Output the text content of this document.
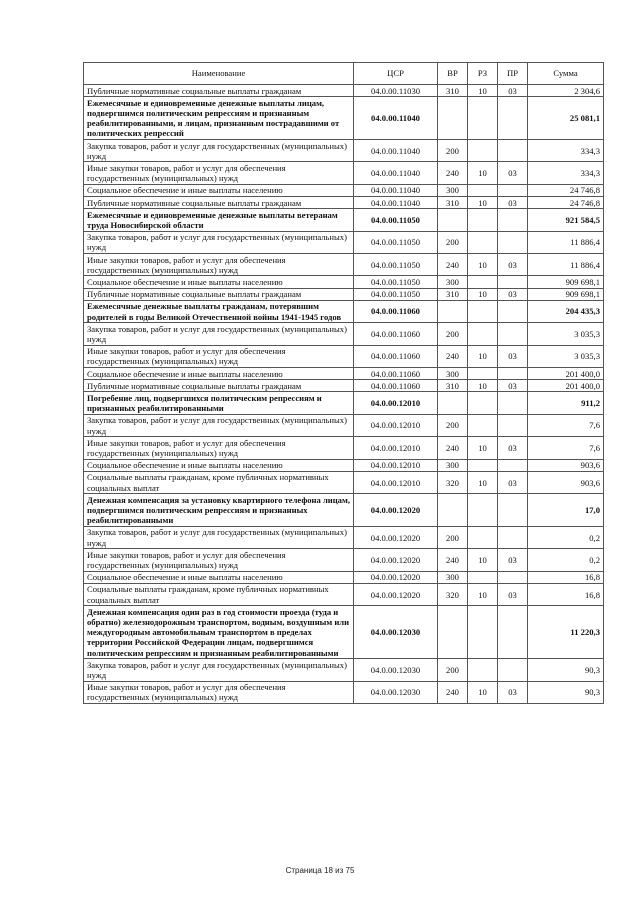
Наименование	ЦСР	ВР	РЗ	ПР	Сумма
Публичные нормативные социальные выплаты гражданам	04.0.00.11030	310	10	03	2 304,6
Ежемесячные и единовременные денежные выплаты лицам, подвергшимся политическим репрессиям и признанным реабилитированными, и лицам, признанным пострадавшими от политических репрессий	04.0.00.11040				25 081,1
Закупка товаров, работ и услуг для государственных (муниципальных) нужд	04.0.00.11040	200			334,3
Иные закупки товаров, работ и услуг для обеспечения государственных (муниципальных) нужд	04.0.00.11040	240	10	03	334,3
Социальное обеспечение и иные выплаты населению	04.0.00.11040	300			24 746,8
Публичные нормативные социальные выплаты гражданам	04.0.00.11040	310	10	03	24 746,8
Ежемесячные и единовременные денежные выплаты ветеранам труда Новосибирской области	04.0.00.11050				921 584,5
Закупка товаров, работ и услуг для государственных (муниципальных) нужд	04.0.00.11050	200			11 886,4
Иные закупки товаров, работ и услуг для обеспечения государственных (муниципальных) нужд	04.0.00.11050	240	10	03	11 886,4
Социальное обеспечение и иные выплаты населению	04.0.00.11050	300			909 698,1
Публичные нормативные социальные выплаты гражданам	04.0.00.11050	310	10	03	909 698,1
Ежемесячные денежные выплаты гражданам, потерявшим родителей в годы Великой Отечественной войны 1941-1945 годов	04.0.00.11060				204 435,3
Закупка товаров, работ и услуг для государственных (муниципальных) нужд	04.0.00.11060	200			3 035,3
Иные закупки товаров, работ и услуг для обеспечения государственных (муниципальных) нужд	04.0.00.11060	240	10	03	3 035,3
Социальное обеспечение и иные выплаты населению	04.0.00.11060	300			201 400,0
Публичные нормативные социальные выплаты гражданам	04.0.00.11060	310	10	03	201 400,0
Погребение лиц, подвергшихся политическим репрессиям и признанных реабилитированными	04.0.00.12010				911,2
Закупка товаров, работ и услуг для государственных (муниципальных) нужд	04.0.00.12010	200			7,6
Иные закупки товаров, работ и услуг для обеспечения государственных (муниципальных) нужд	04.0.00.12010	240	10	03	7,6
Социальное обеспечение и иные выплаты населению	04.0.00.12010	300			903,6
Социальные выплаты гражданам, кроме публичных нормативных социальных выплат	04.0.00.12010	320	10	03	903,6
Денежная компенсация за установку квартирного телефона лицам, подвергшимся политическим репрессиям и признанных реабилитированными	04.0.00.12020				17,0
Закупка товаров, работ и услуг для государственных (муниципальных) нужд	04.0.00.12020	200			0,2
Иные закупки товаров, работ и услуг для обеспечения государственных (муниципальных) нужд	04.0.00.12020	240	10	03	0,2
Социальное обеспечение и иные выплаты населению	04.0.00.12020	300			16,8
Социальные выплаты гражданам, кроме публичных нормативных социальных выплат	04.0.00.12020	320	10	03	16,8
Денежная компенсация один раз в год стоимости проезда (туда и обратно) железнодорожным транспортом, водным, воздушным или междугородным автомобильным транспортом в пределах территории Российской Федерации лицам, подвергшимся политическим репрессиям и признанным реабилитированными	04.0.00.12030				11 220,3
Закупка товаров, работ и услуг для государственных (муниципальных) нужд	04.0.00.12030	200			90,3
Иные закупки товаров, работ и услуг для обеспечения государственных (муниципальных) нужд	04.0.00.12030	240	10	03	90,3
Страница 18 из 75
